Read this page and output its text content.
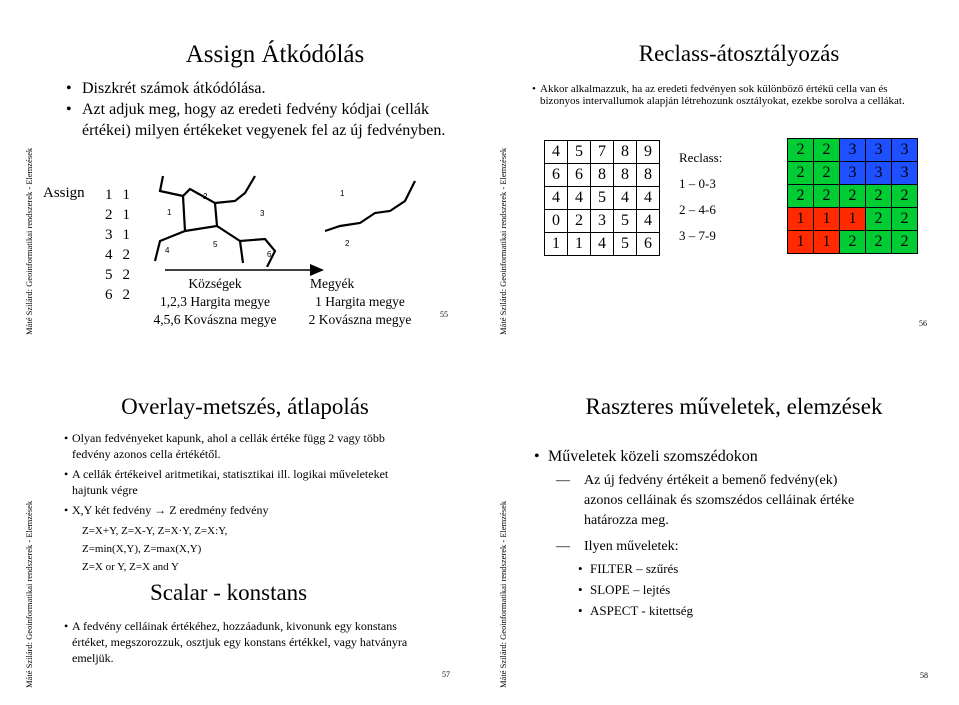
Máté Szilárd: Geoinformatikai rendszerek - Elemzések
Assign Átkódólás
• Diszkrét számok átkódólása.
• Azt adjuk meg, hogy az eredeti fedvény kódjai (cellák értékei) milyen értékeket vegyenek fel az új fedvényben.
Assign 1	1
2	1
3	1
4	2
5	2
6	2
1
2
3
4
5
6
1
2
Községek
1,2,3 Hargita megye
4,5,6 Kovászna megye
Megyék
1 Hargita megye
2 Kovászna megye	55	Máté Szilárd: Geoinformatikai rendszerek - Elemzések
Reclass-átosztályozás
• Akkor alkalmazzuk, ha az eredeti fedvényen sok különböző értékű cella van és bizonyos intervallumok alapján létrehozunk osztályokat, ezekbe sorolva a cellákat.
4	5	7	8	9
6	6	8	8	8
4	4	5	4	4
0	2	3	5	4
1	1	4	5	6
Reclass:
1 – 0-3
2 – 4-6
3 – 7-9
2	2	3	3	3
2	2	3	3	3
2	2	2	2	2
1	1	1	2	2
1	1	2	2	2
56
Máté Szilárd: Geoinformatikai rendszerek - Elemzések
Overlay-metszés, átlapolás
• Olyan fedvényeket kapunk, ahol a cellák értéke függ 2 vagy több fedvény azonos cella értékétől.
• A cellák értékeivel aritmetikai, statisztikai ill. logikai műveleteket hajtunk végre
• X,Y két fedvény → Z eredmény fedvény
Z=X+Y, Z=X-Y, Z=X·Y, Z=X:Y,
Z=min(X,Y), Z=max(X,Y)
Z=X or Y, Z=X and Y
Scalar - konstans
• A fedvény celláinak értékéhez, hozzáadunk, kivonunk egy konstans értéket, megszorozzuk, osztjuk egy konstans értékkel, vagy hatványra emeljük.
57	Máté Szilárd: Geoinformatikai rendszerek - Elemzések
Raszteres műveletek, elemzések
• Műveletek közeli szomszédokon
— Az új fedvény értékeit a bemenő fedvény(ek) azonos celláinak és szomszédos celláinak értéke határozza meg.
— Ilyen műveletek:
• FILTER – szűrés
• SLOPE – lejtés
• ASPECT - kitettség
58
